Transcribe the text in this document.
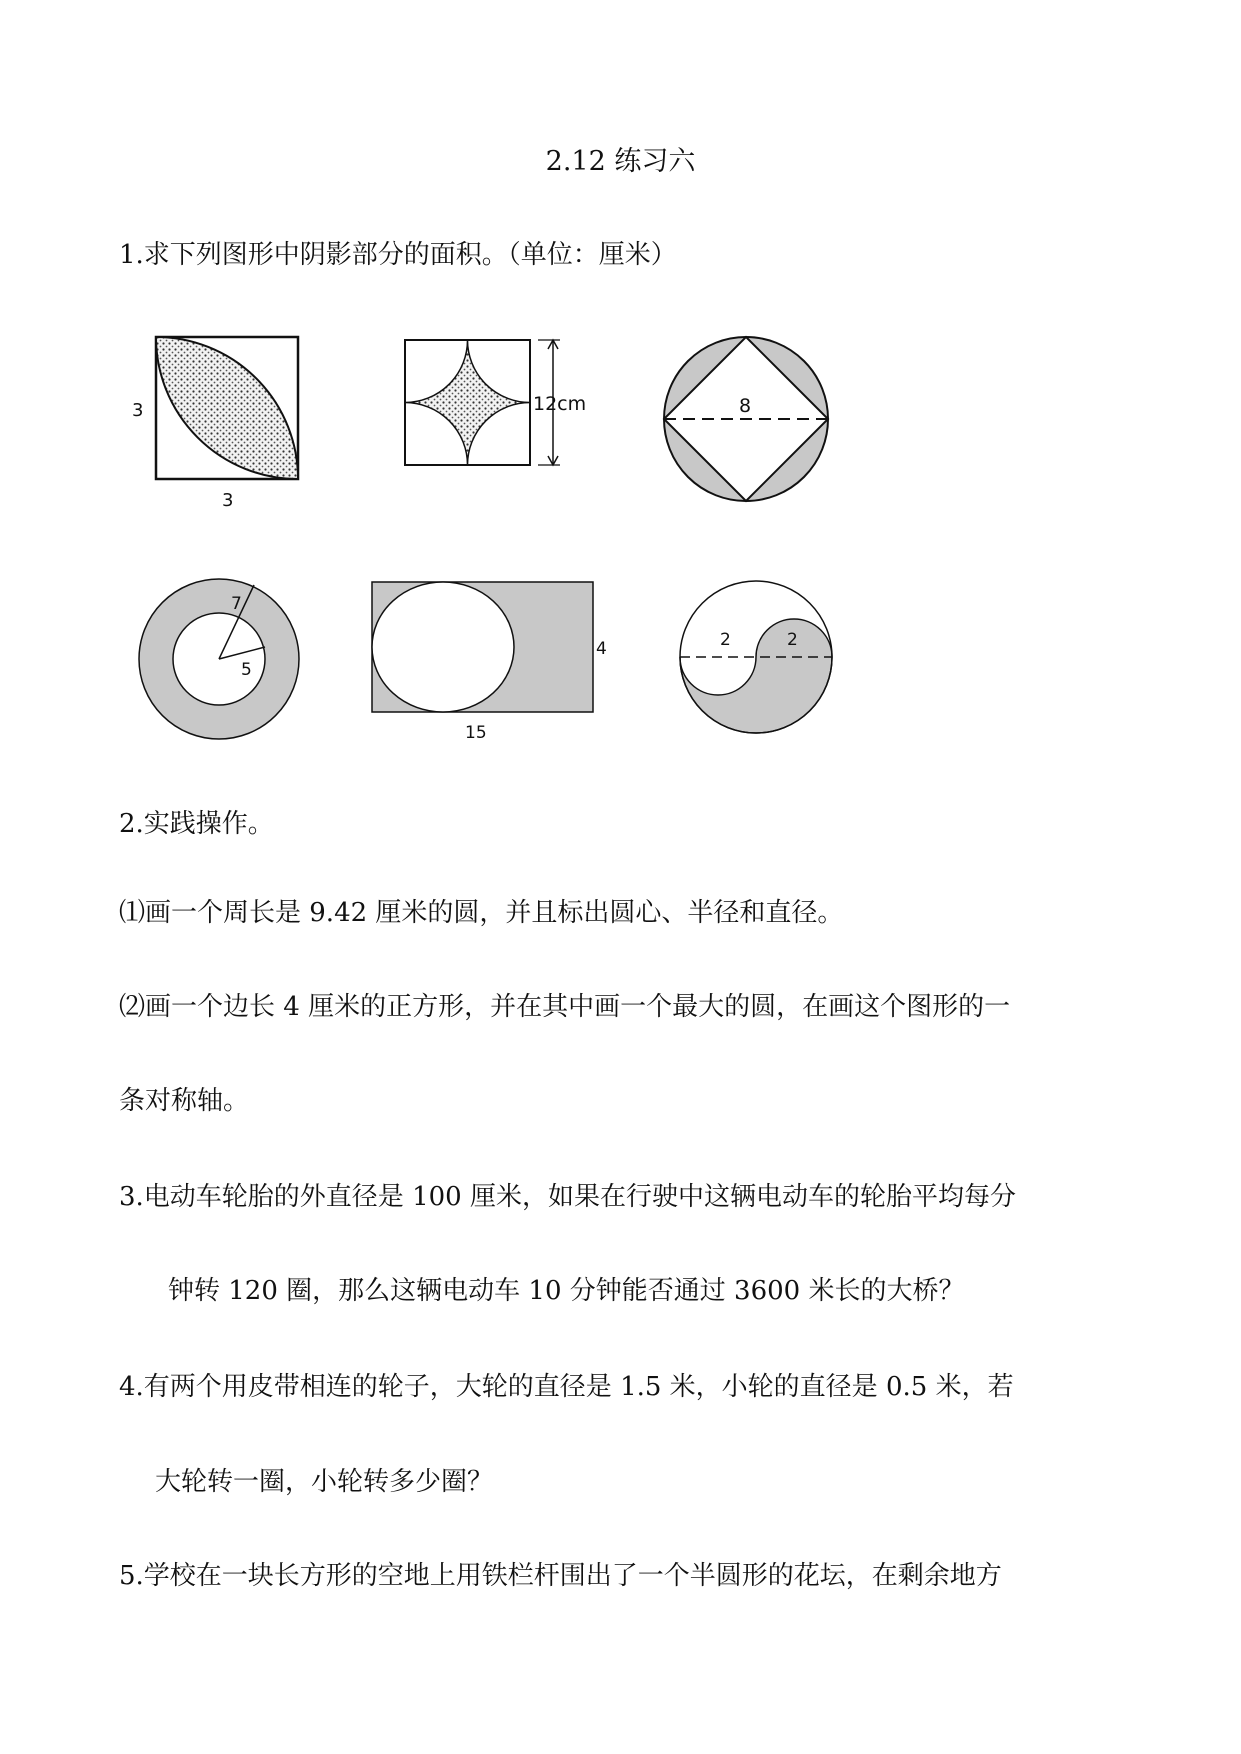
2.12 练习六
1.求下列图形中阴影部分的面积。（单位：厘米）
3
3
12cm	8
7
5
4
15
2	2
2.实践操作。
⑴画一个周长是 9.42 厘米的圆，并且标出圆心、半径和直径。
⑵画一个边长 4 厘米的正方形，并在其中画一个最大的圆，在画这个图形的一
条对称轴。
3.电动车轮胎的外直径是 100 厘米，如果在行驶中这辆电动车的轮胎平均每分
钟转 120 圈，那么这辆电动车 10 分钟能否通过 3600 米长的大桥？
4.有两个用皮带相连的轮子，大轮的直径是 1.5 米，小轮的直径是 0.5 米，若
大轮转一圈，小轮转多少圈？
5.学校在一块长方形的空地上用铁栏杆围出了一个半圆形的花坛，在剩余地方
